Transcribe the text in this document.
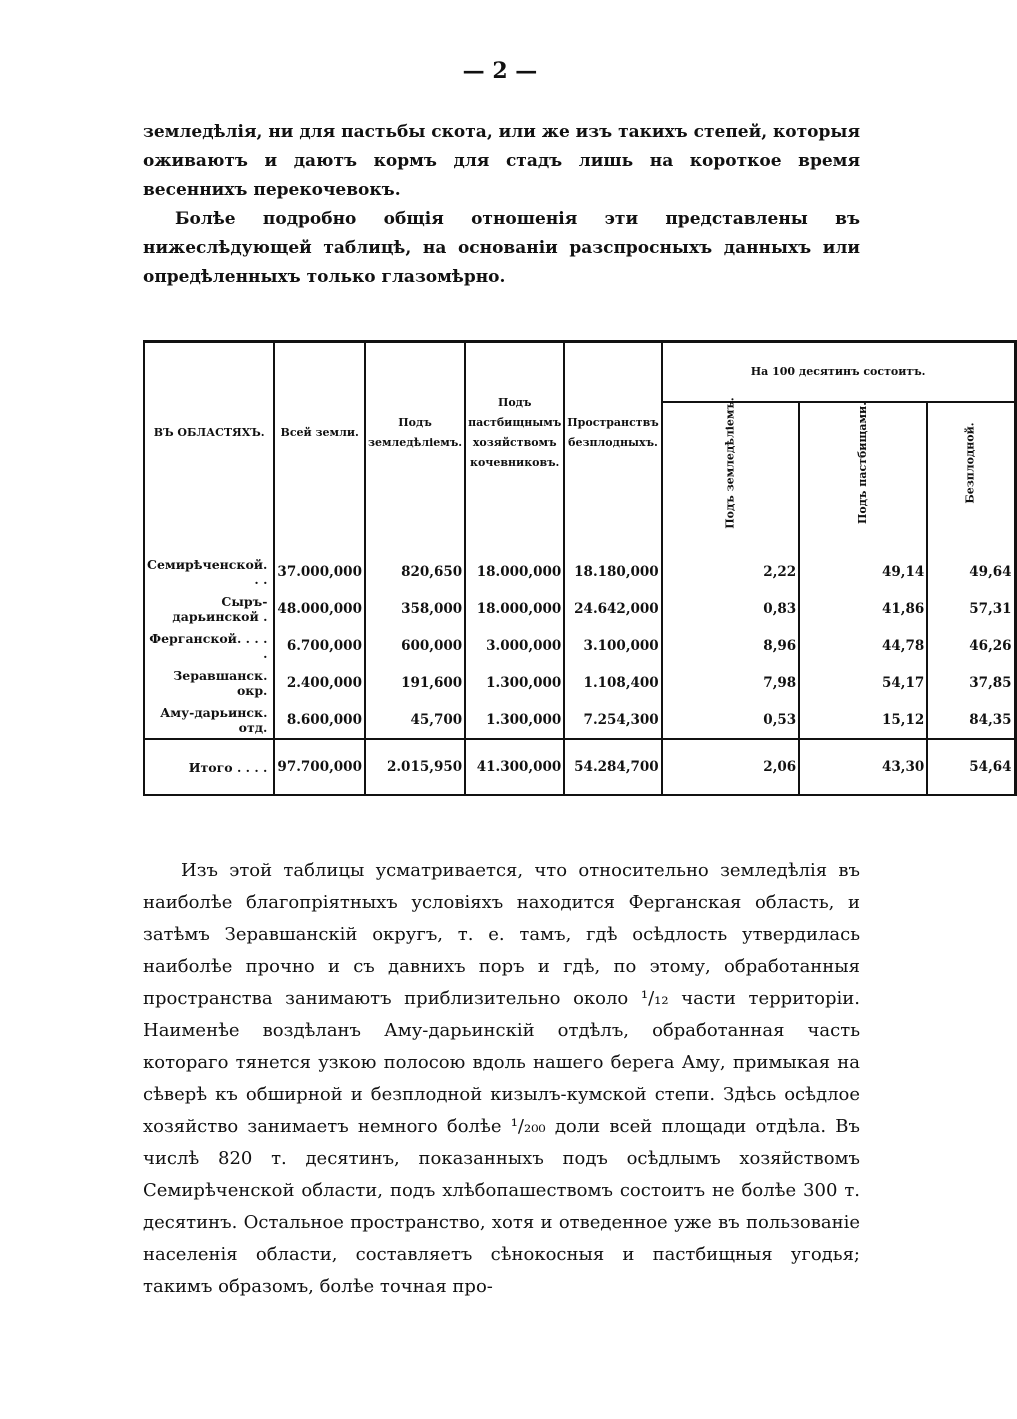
— 2 —

земледѣлія, ни для пастьбы скота, или же изъ такихъ степей, которыя оживаютъ и даютъ кормъ для стадъ лишь на короткое время весеннихъ перекочевокъ.

Болѣе подробно общія отношенія эти представлены въ нижеслѣдующей таблицѣ, на основаніи разспросныхъ данныхъ или опредѣленныхъ только глазомѣрно.

ВЪ ОБЛАСТЯХЪ.	Всей земли.	Подъ земледѣліемъ.	Подъ пастбищнымъ хозяйствомъ кочевниковъ.	Пространствъ безплодныхъ.	На 100 десятинъ состоитъ.		
					Подъ земледѣліемъ.	Подъ пастбищами.	Безплодной.
Семирѣченской. . .	37.000,000	820,650	18.000,000	18.180,000	2,22	49,14	49,64
Сыръ-дарьинской .	48.000,000	358,000	18.000,000	24.642,000	0,83	41,86	57,31
Ферганской. . . . .	6.700,000	600,000	3.000,000	3.100,000	8,96	44,78	46,26
Зеравшанск. окр.	2.400,000	191,600	1.300,000	1.108,400	7,98	54,17	37,85
Аму-дарьинск. отд.	8.600,000	45,700	1.300,000	7.254,300	0,53	15,12	84,35
Итого . . . .	97.700,000	2.015,950	41.300,000	54.284,700	2,06	43,30	54,64

Изъ этой таблицы усматривается, что относительно земледѣлія въ наиболѣе благопріятныхъ условіяхъ находится Ферганская область, и затѣмъ Зеравшанскій округъ, т. е. тамъ, гдѣ осѣдлость утвердилась наиболѣе прочно и съ давнихъ поръ и гдѣ, по этому, обработанныя пространства занимаютъ приблизительно около ¹/₁₂ части территоріи. Наименѣе воздѣланъ Аму-дарьинскій отдѣлъ, обработанная часть котораго тянется узкою полосою вдоль нашего берега Аму, примыкая на сѣверѣ къ обширной и безплодной кизылъ-кумской степи. Здѣсь осѣдлое хозяйство занимаетъ немного болѣе ¹/₂₀₀ доли всей площади отдѣла. Въ числѣ 820 т. десятинъ, показанныхъ подъ осѣдлымъ хозяйствомъ Семирѣченской области, подъ хлѣбопашествомъ состоитъ не болѣе 300 т. десятинъ. Остальное пространство, хотя и отведенное уже въ пользованіе населенія области, составляетъ сѣнокосныя и пастбищныя угодья; такимъ образомъ, болѣе точная про-
